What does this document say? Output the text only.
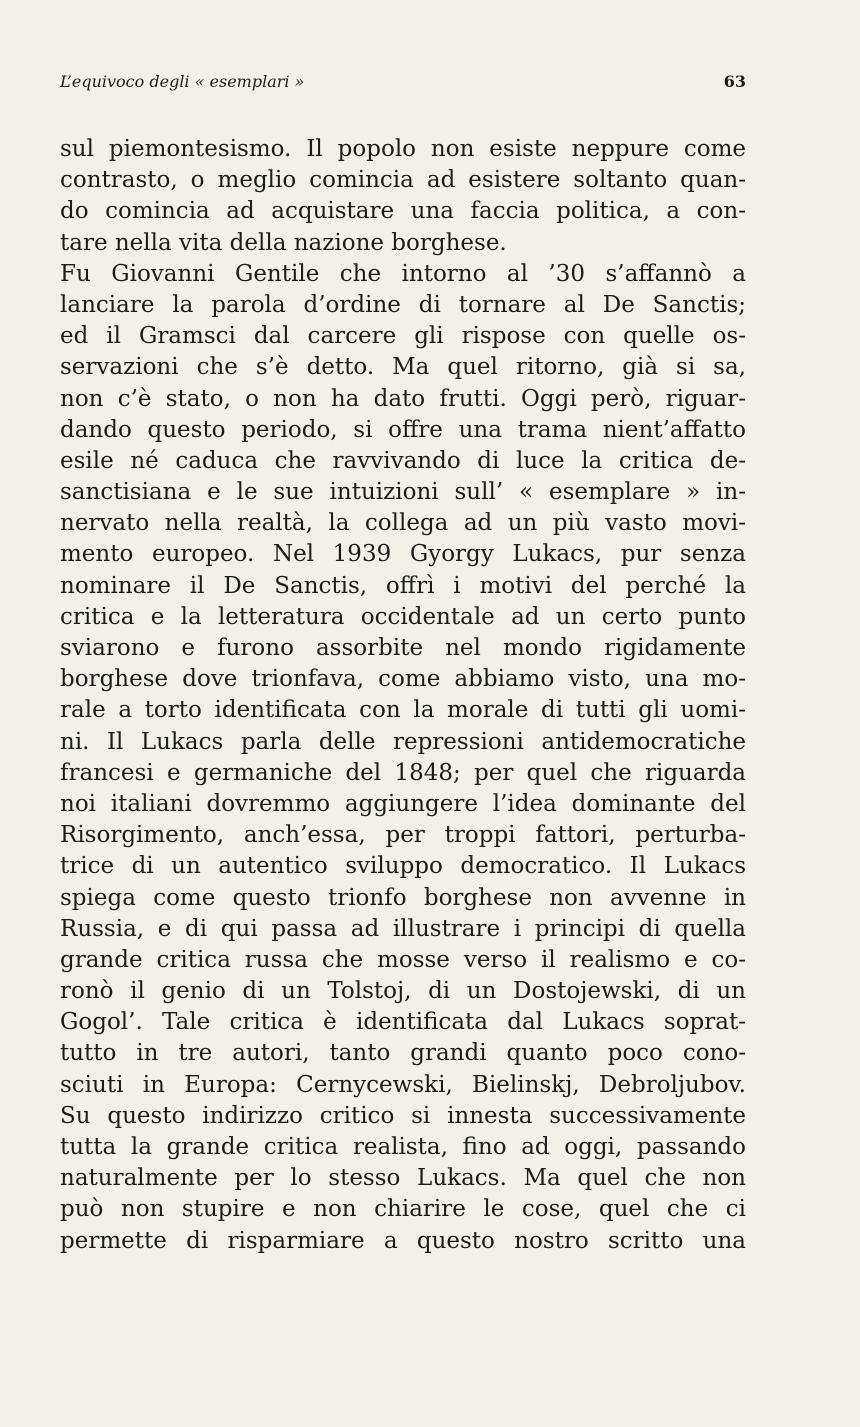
L’equivoco degli « esemplari »	63
sul piemontesismo. Il popolo non esiste neppure come
contrasto, o meglio comincia ad esistere soltanto quan-
do comincia ad acquistare una faccia politica, a con-
tare nella vita della nazione borghese.
Fu Giovanni Gentile che intorno al ’30 s’affannò a
lanciare la parola d’ordine di tornare al De Sanctis;
ed il Gramsci dal carcere gli rispose con quelle os-
servazioni che s’è detto. Ma quel ritorno, già si sa,
non c’è stato, o non ha dato frutti. Oggi però, riguar-
dando questo periodo, si offre una trama nient’affatto
esile né caduca che ravvivando di luce la critica de-
sanctisiana e le sue intuizioni sull’ « esemplare » in-
nervato nella realtà, la collega ad un più vasto movi-
mento europeo. Nel 1939 Gyorgy Lukacs, pur senza
nominare il De Sanctis, offrì i motivi del perché la
critica e la letteratura occidentale ad un certo punto
sviarono e furono assorbite nel mondo rigidamente
borghese dove trionfava, come abbiamo visto, una mo-
rale a torto identificata con la morale di tutti gli uomi-
ni. Il Lukacs parla delle repressioni antidemocratiche
francesi e germaniche del 1848; per quel che riguarda
noi italiani dovremmo aggiungere l’idea dominante del
Risorgimento, anch’essa, per troppi fattori, perturba-
trice di un autentico sviluppo democratico. Il Lukacs
spiega come questo trionfo borghese non avvenne in
Russia, e di qui passa ad illustrare i principi di quella
grande critica russa che mosse verso il realismo e co-
ronò il genio di un Tolstoj, di un Dostojewski, di un
Gogol’. Tale critica è identificata dal Lukacs soprat-
tutto in tre autori, tanto grandi quanto poco cono-
sciuti in Europa: Cernycewski, Bielinskj, Debroljubov.
Su questo indirizzo critico si innesta successivamente
tutta la grande critica realista, fino ad oggi, passando
naturalmente per lo stesso Lukacs. Ma quel che non
può non stupire e non chiarire le cose, quel che ci
permette di risparmiare a questo nostro scritto una
